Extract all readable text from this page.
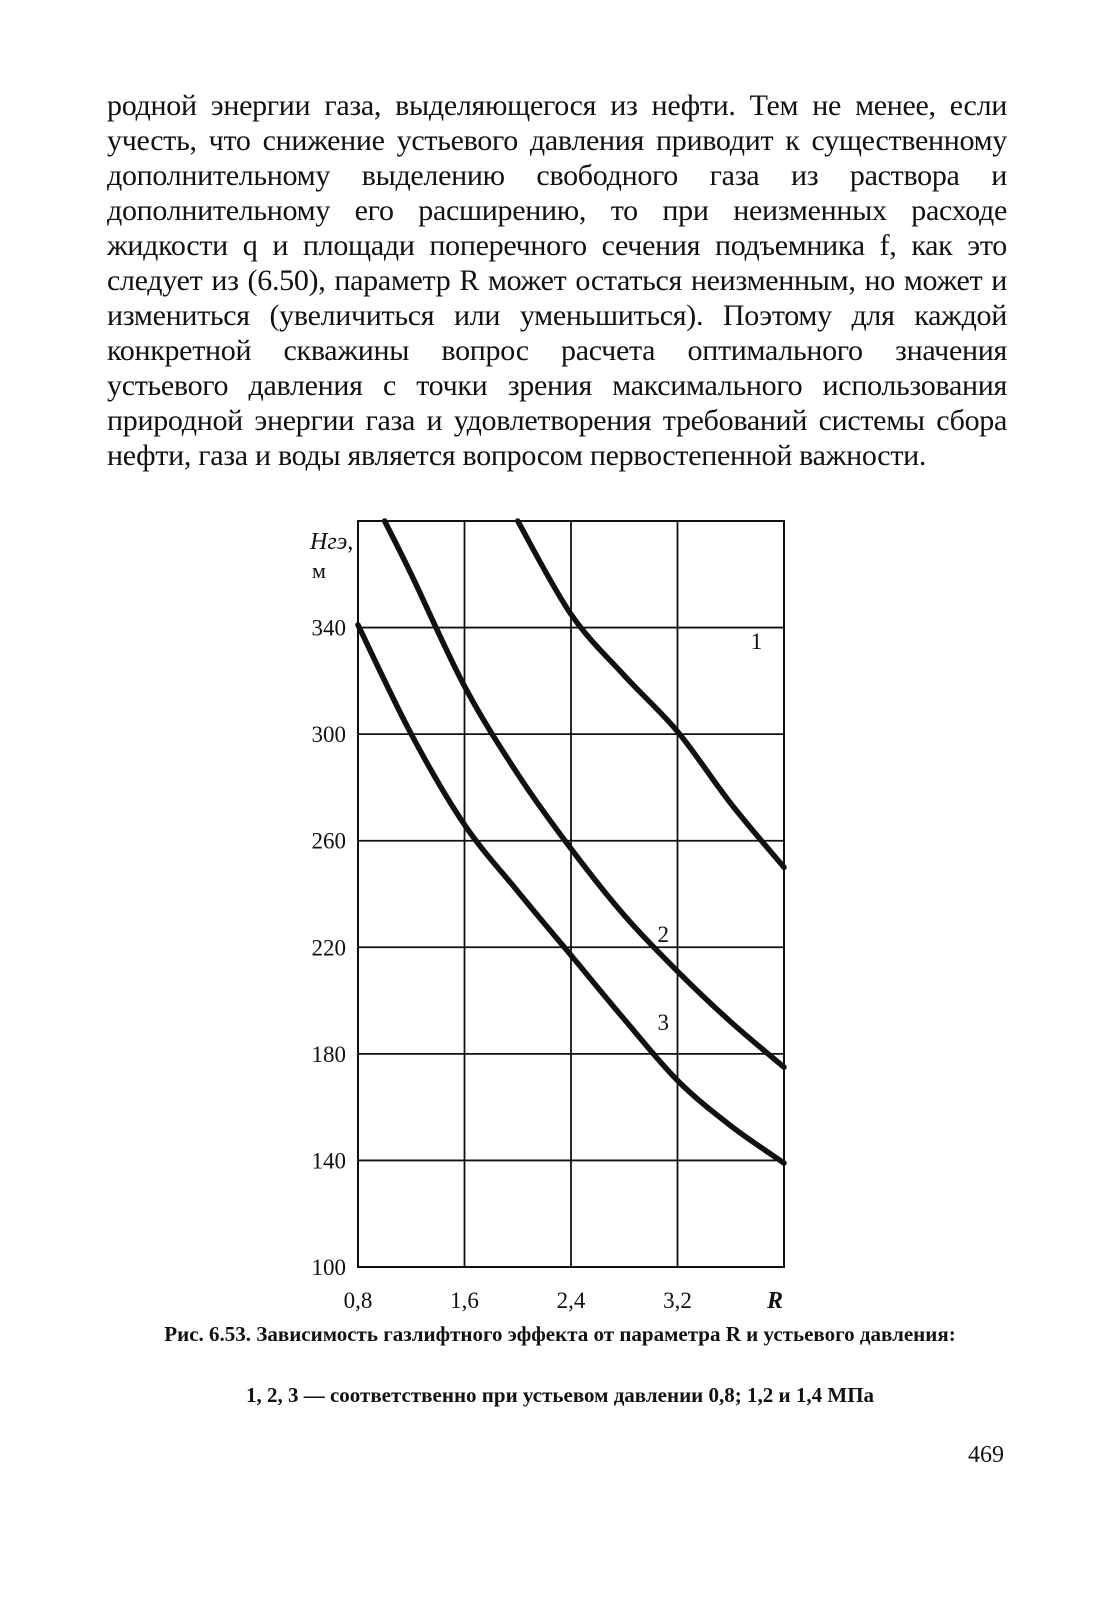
родной энергии газа, выделяющегося из нефти. Тем не менее, если учесть, что снижение устьевого давления приводит к существенному дополнительному выделению свободного газа из раствора и дополнительному его расширению, то при неизменных расходе жидкости q и площади поперечного сечения подъемника f, как это следует из (6.50), параметр R может остаться неизменным, но может и измениться (увеличиться или уменьшиться). Поэтому для каждой конкретной скважины вопрос расчета оптимального значения устьевого давления с точки зрения максимального использования природной энергии газа и удовлетворения требований системы сбора нефти, газа и воды является вопросом первостепенной важности.

0,8	1,6	2,4	3,2
100
140
180
220
260
300
340
Hгэ,
м
R
1
2
3
Рис. 6.53. Зависимость газлифтного эффекта от параметра R и устьевого давления:
1, 2, 3 — соответственно при устьевом давлении 0,8; 1,2 и 1,4 МПа
469
